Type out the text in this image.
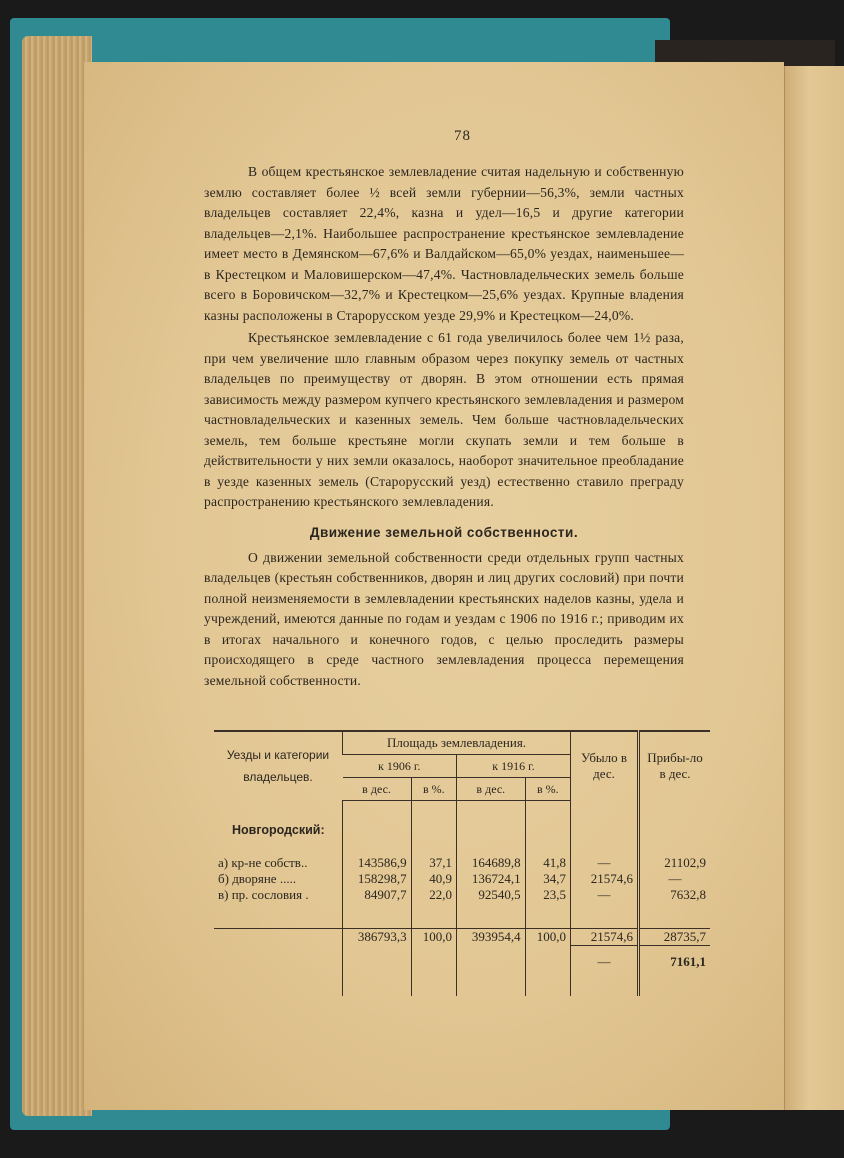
78

В общем крестьянское землевладение считая надельную и собственную землю составляет более ½ всей земли губернии—56,3%, земли частных владельцев составляет 22,4%, казна и удел—16,5 и другие категории владельцев—2,1%. Наибольшее распространение крестьянское землевладение имеет место в Демянском—67,6% и Валдайском—65,0% уездах, наименьшее—в Крестецком и Маловишерском—47,4%. Частновладельческих земель больше всего в Боровичском—32,7% и Крестецком—25,6% уездах. Крупные владения казны расположены в Старорусском уезде 29,9% и Крестецком—24,0%.

Крестьянское землевладение с 61 года увеличилось более чем 1½ раза, при чем увеличение шло главным образом через покупку земель от частных владельцев по преимуществу от дворян. В этом отношении есть прямая зависимость между размером купчего крестьянского землевладения и размером частновладельческих и казенных земель. Чем больше частновладельческих земель, тем больше крестьяне могли скупать земли и тем больше в действительности у них земли оказалось, наоборот значительное преобладание в уезде казенных земель (Старорусский уезд) естественно ставило преграду распространению крестьянского землевладения.

Движение земельной собственности.

О движении земельной собственности среди отдельных групп частных владельцев (крестьян собственников, дворян и лиц других сословий) при почти полной неизменяемости в землевладении крестьянских наделов казны, удела и учреждений, имеются данные по годам и уездам с 1906 по 1916 г.; приводим их в итогах начального и конечного годов, с целью проследить размеры происходящего в среде частного землевладения процесса перемещения земельной собственности.

Уезды и категории владельцев.	Площадь землевладения.				Убыло в дес.	Прибы-ло в дес.
	к 1906 г.		к 1916 г.			
	в дес.	в %.	в дес.	в %.		
Новгородский:						

а) кр-не собств..	143586,9	37,1	164689,8	41,8	—	21102,9
б) дворяне .....	158298,7	40,9	136724,1	34,7	21574,6	—
в) пр. сословия .	84907,7	22,0	92540,5	23,5	—	7632,8

	386793,3	100,0	393954,4	100,0	21574,6	28735,7
					—	7161,1
